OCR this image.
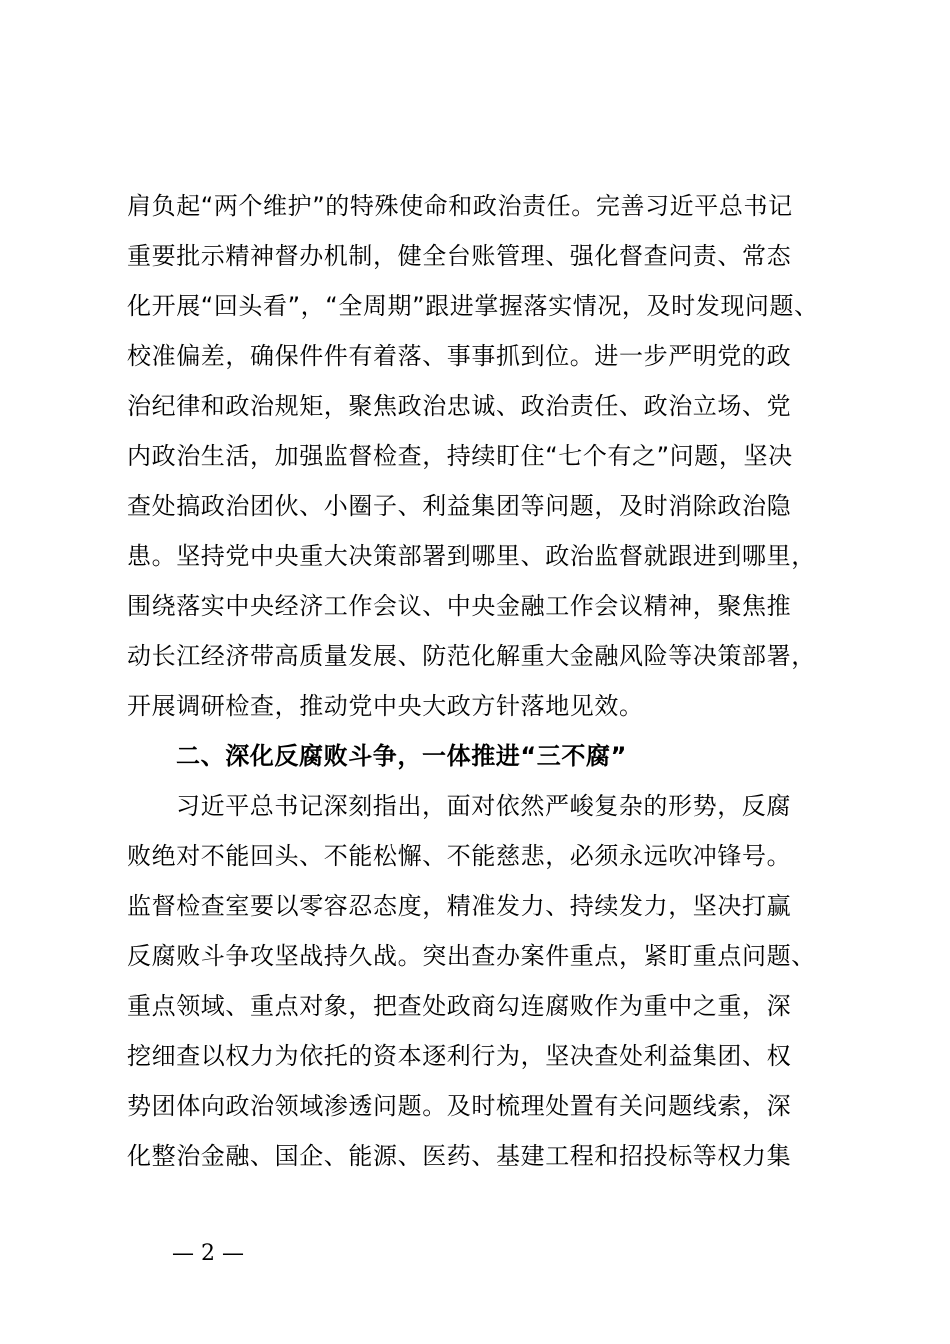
肩负起“两个维护”的特殊使命和政治责任。完善习近平总书记
重要批示精神督办机制，健全台账管理、强化督查问责、常态
化开展“回头看”，“全周期”跟进掌握落实情况，及时发现问题、
校准偏差，确保件件有着落、事事抓到位。进一步严明党的政
治纪律和政治规矩，聚焦政治忠诚、政治责任、政治立场、党
内政治生活，加强监督检查，持续盯住“七个有之”问题，坚决
查处搞政治团伙、小圈子、利益集团等问题，及时消除政治隐
患。坚持党中央重大决策部署到哪里、政治监督就跟进到哪里，
围绕落实中央经济工作会议、中央金融工作会议精神，聚焦推
动长江经济带高质量发展、防范化解重大金融风险等决策部署，
开展调研检查，推动党中央大政方针落地见效。
二、深化反腐败斗争，一体推进“三不腐”
习近平总书记深刻指出，面对依然严峻复杂的形势，反腐
败绝对不能回头、不能松懈、不能慈悲，必须永远吹冲锋号。
监督检查室要以零容忍态度，精准发力、持续发力，坚决打赢
反腐败斗争攻坚战持久战。突出查办案件重点，紧盯重点问题、
重点领域、重点对象，把查处政商勾连腐败作为重中之重，深
挖细查以权力为依托的资本逐利行为，坚决查处利益集团、权
势团体向政治领域渗透问题。及时梳理处置有关问题线索，深
化整治金融、国企、能源、医药、基建工程和招投标等权力集
— 2 —
